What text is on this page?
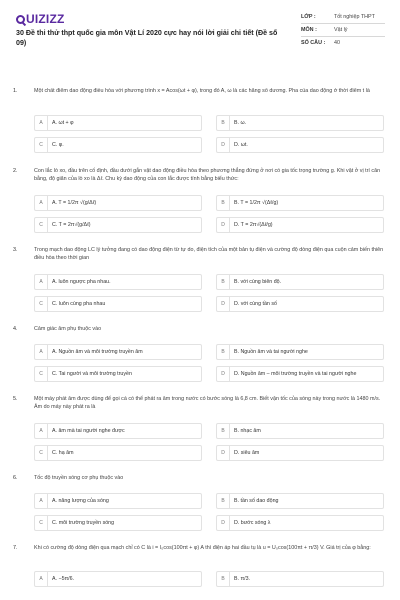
UIZIZZ
30 Đề thi thử thpt quốc gia môn Vật Lí 2020 cực hay nói lời giải chi tiết (Đề số 09)
LỚP :	Tốt nghiệp THPT
MÔN :	Vật lý
SỐ CÂU :	40
1.	Một chất điểm dao động điều hòa với phương trình x = Acos(ωt + φ), trong đó A, ω là các hằng số dương. Pha của dao động ở thời điểm t là
A	A. ωt + φ	B	B. ω.
C	C. φ.	D	D. ωt.
2.	Con lắc lò xo, đầu trên cố định, đầu dưới gắn vật dao động điều hòa theo phương thẳng đứng ở nơi có gia tốc trọng trường g. Khi vật ở vị trí cân bằng, độ giãn của lò xo là Δℓ. Chu kỳ dao động của con lắc được tính bằng biểu thức:
A	A. T = 1/2π √(g/Δℓ)	B	B. T = 1/2π √(Δℓ/g)
C	C. T = 2π√(g/Δℓ)	D	D. T = 2π√(Δℓ/g)
3.	Trong mạch dao động LC lý tưởng đang có dao động điện từ tự do, điện tích của một bản tụ điện và cường độ dòng điện qua cuộn cảm biến thiên điều hòa theo thời gian
A	A. luôn ngược pha nhau.	B	B. với cùng biên độ.
C	C. luôn cùng pha nhau	D	D. với cùng tần số
4.	Cảm giác âm phụ thuộc vào
A	A. Nguồn âm và môi trường truyền âm	B	B. Nguồn âm và tai người nghe
C	C. Tai người và môi trường truyền	D	D. Nguồn âm – môi trường truyền và tai người nghe
5.	Một máy phát âm được dùng để gọi cá có thể phát ra âm trong nước có bước sóng là 6,8 cm. Biết vận tốc của sóng này trong nước là 1480 m/s. Âm do máy này phát ra là
A	A. âm mà tai người nghe được	B	B. nhạc âm
C	C. hạ âm	D	D. siêu âm
6.	Tốc độ truyền sóng cơ phụ thuộc vào
A	A. năng lượng của sóng	B	B. tần số dao động
C	C. môi trường truyền sóng	D	D. bước sóng λ
7.	Khi có cường độ dòng điện qua mạch chỉ có C là i = I₀cos(100πt + φ) A thì điện áp hai đầu tụ là u = U₀cos(100πt + π/3) V. Giá trị của φ bằng:
A	A. −5π/6.	B	B. π/3.
